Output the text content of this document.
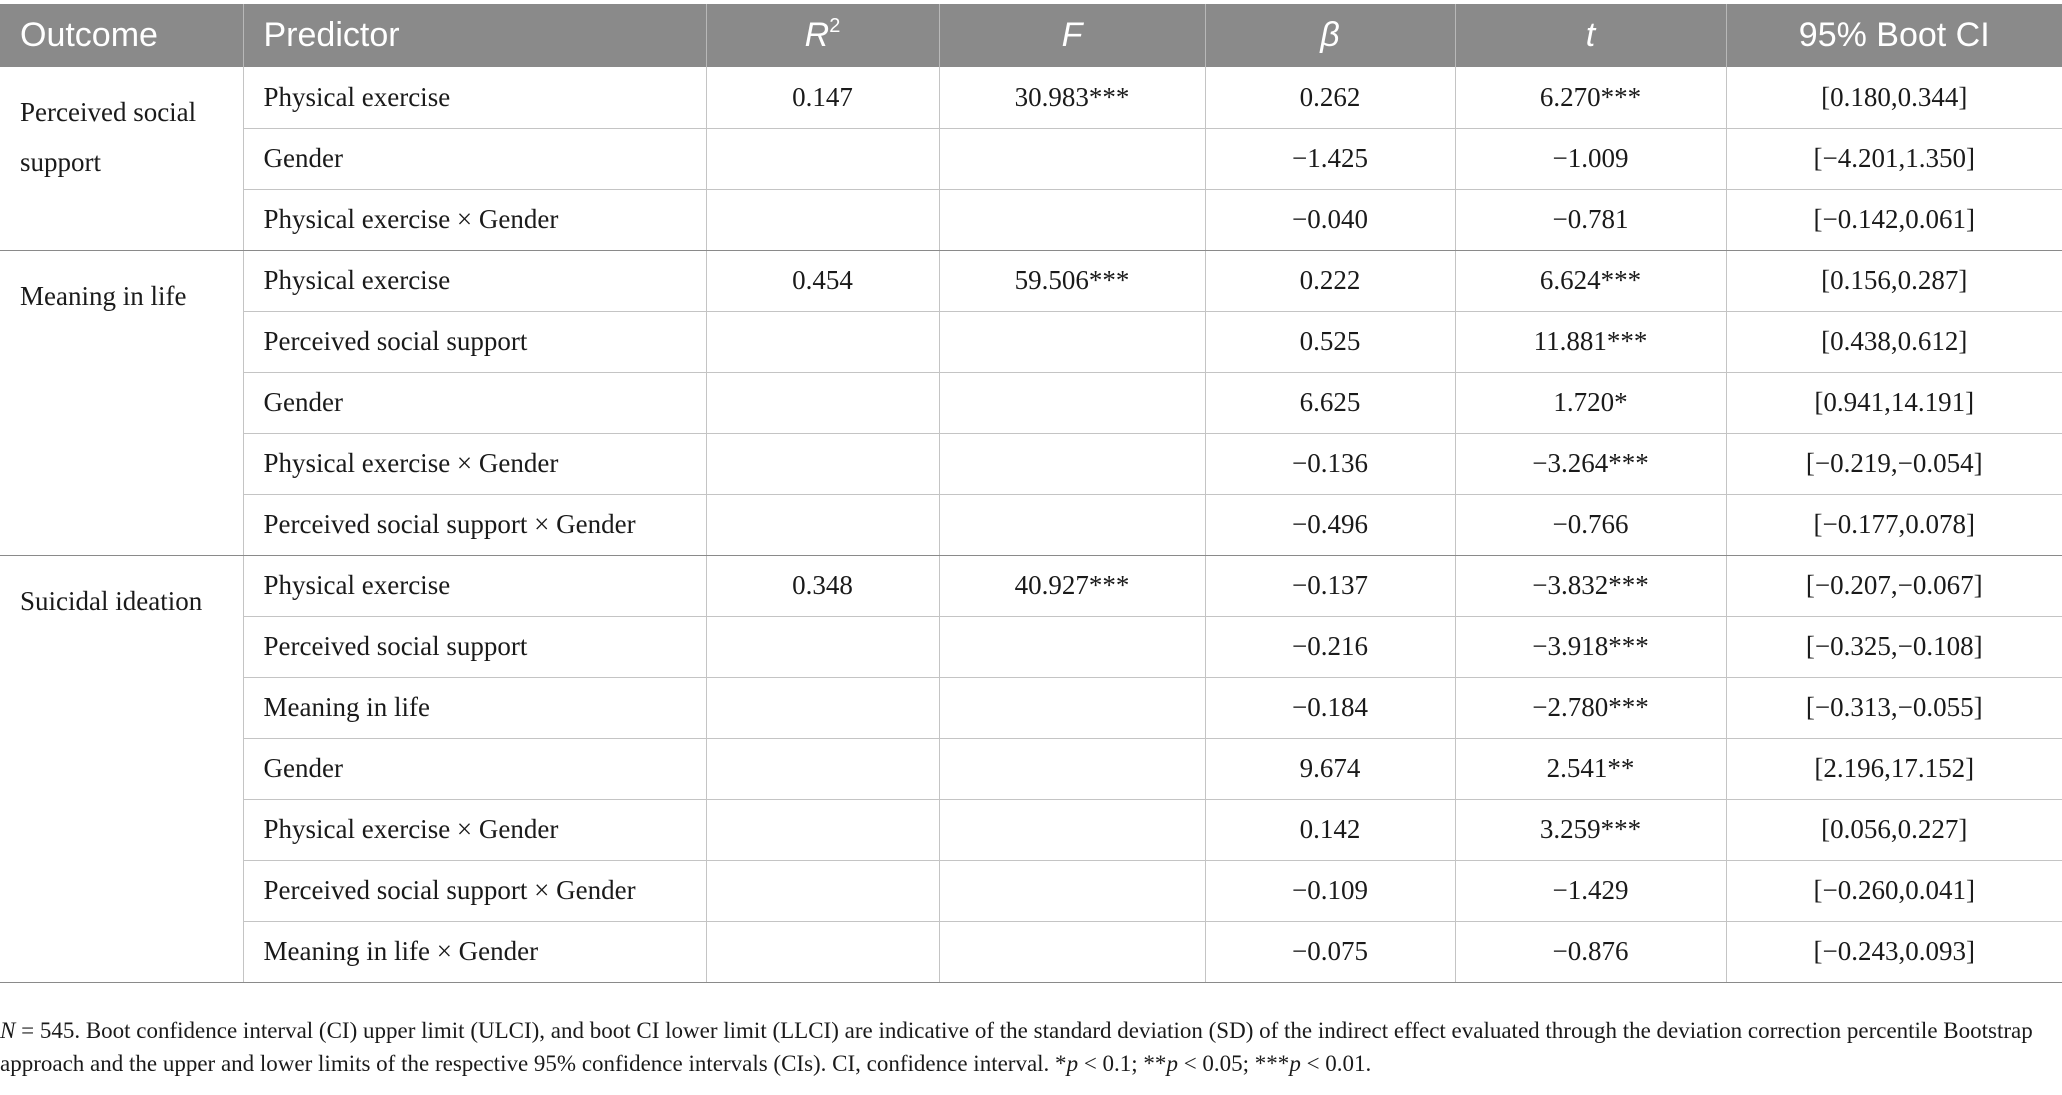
Outcome	Predictor	$R^2$	F	β	t	95% Boot CI
Perceived social support	Physical exercise	0.147	30.983***	0.262	6.270***	[0.180,0.344]
	Gender			−1.425	−1.009	[−4.201,1.350]
	Physical exercise × Gender			−0.040	−0.781	[−0.142,0.061]
Meaning in life	Physical exercise	0.454	59.506***	0.222	6.624***	[0.156,0.287]
	Perceived social support			0.525	11.881***	[0.438,0.612]
	Gender			6.625	1.720*	[0.941,14.191]
	Physical exercise × Gender			−0.136	−3.264***	[−0.219,−0.054]
	Perceived social support × Gender			−0.496	−0.766	[−0.177,0.078]
Suicidal ideation	Physical exercise	0.348	40.927***	−0.137	−3.832***	[−0.207,−0.067]
	Perceived social support			−0.216	−3.918***	[−0.325,−0.108]
	Meaning in life			−0.184	−2.780***	[−0.313,−0.055]
	Gender			9.674	2.541**	[2.196,17.152]
	Physical exercise × Gender			0.142	3.259***	[0.056,0.227]
	Perceived social support × Gender			−0.109	−1.429	[−0.260,0.041]
	Meaning in life × Gender			−0.075	−0.876	[−0.243,0.093]
N = 545. Boot confidence interval (CI) upper limit (ULCI), and boot CI lower limit (LLCI) are indicative of the standard deviation (SD) of the indirect effect evaluated through the deviation correction percentile Bootstrap approach and the upper and lower limits of the respective 95% confidence intervals (CIs). CI, confidence interval. *p < 0.1; **p < 0.05; ***p < 0.01.
